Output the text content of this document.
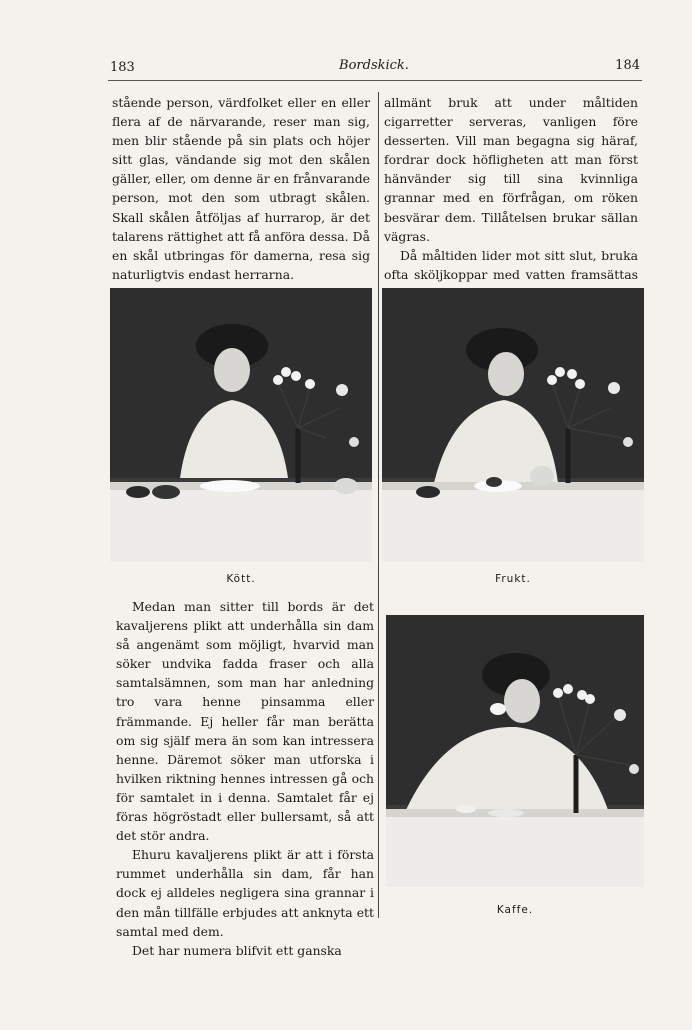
183	Bordskick.	184

stående person, värdfolket eller en eller flera af de närvarande, reser man sig, men blir stående på sin plats och höjer sitt glas, vändande sig mot den skålen gäller, eller, om denne är en frånvarande person, mot den som utbragt skålen. Skall skålen åtföljas af hurrarop, är det talarens rättighet att få anföra dessa. Då en skål utbringas för damerna, resa sig naturligtvis endast herrarna.

allmänt bruk att under måltiden cigarretter serveras, vanligen före desserten. Vill man begagna sig häraf, fordrar dock höfligheten att man först hänvänder sig till sina kvinnliga grannar med en förfrågan, om röken besvärar dem. Tillåtelsen brukar sällan vägras.

Då måltiden lider mot sitt slut, bruka ofta sköljkoppar med vatten framsättas

Kött.	Frukt.

Medan man sitter till bords är det kavaljerens plikt att underhålla sin dam så angenämt som möjligt, hvarvid man söker undvika fadda fraser och alla samtalsämnen, som man har anledning tro vara henne pinsamma eller främmande. Ej heller får man berätta om sig själf mera än som kan intressera henne. Däremot söker man utforska i hvilken riktning hennes intressen gå och för samtalet in i denna. Samtalet får ej föras högröstadt eller bullersamt, så att det stör andra.

Ehuru kavaljerens plikt är att i första rummet underhålla sin dam, får han dock ej alldeles negligera sina grannar i den mån tillfälle erbjudes att anknyta ett samtal med dem.

Det har numera blifvit ett ganska

Kaffe.
